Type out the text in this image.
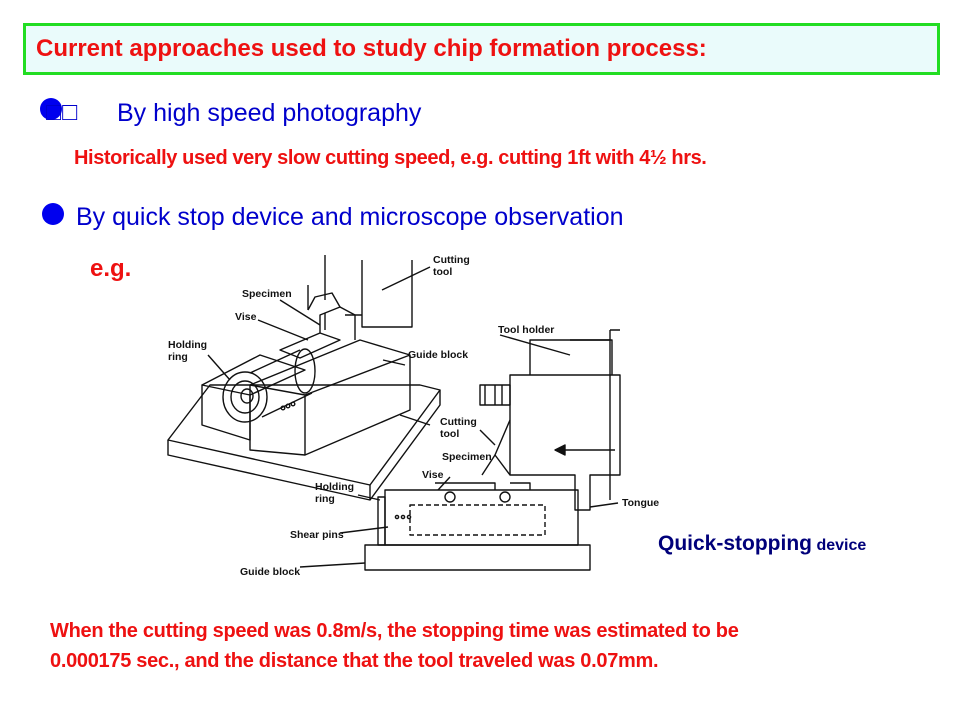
Current approaches used to study chip formation process:
□□ By high speed photography
Historically used very slow cutting speed, e.g. cutting 1ft with 4½ hrs.
By quick stop device and microscope observation
e.g.	Cutting tool
Specimen
Vise
Holding ring	Guide block
Tool holder
Cutting tool
Specimen
Vise
Holding ring
Shear pins
Guide block
Tongue
Quick-stopping device
When the cutting speed was 0.8m/s, the stopping time was estimated to be
0.000175 sec., and the distance that the tool traveled was 0.07mm.
